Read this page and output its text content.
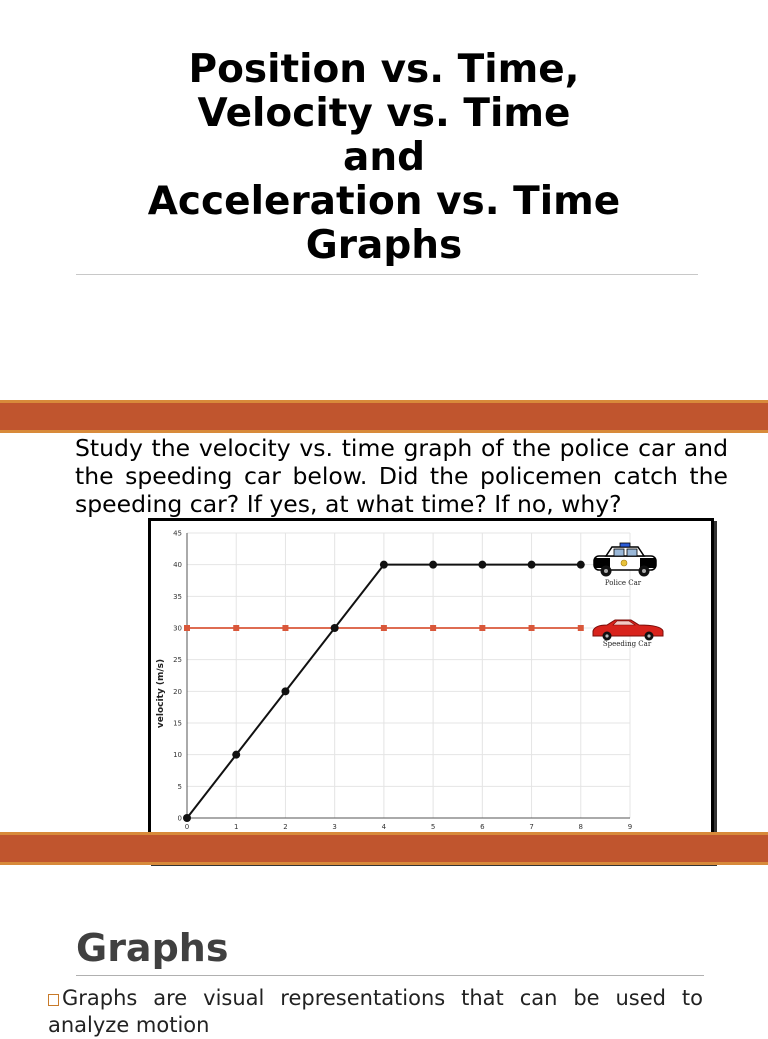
Position vs. Time,
Velocity vs. Time
and
Acceleration vs. Time
Graphs

Study the velocity vs. time graph of the police car and the speeding car below. Did the policemen catch the speeding car? If yes, at what time? If no, why?

0	1	2	3	4	5	6	7	8	9
0
5
10
15
20
25
30
35
40
45
velocity (m/s)
Police Car
Speeding Car
Graphs

Graphs are visual representations that can be used to analyze motion
